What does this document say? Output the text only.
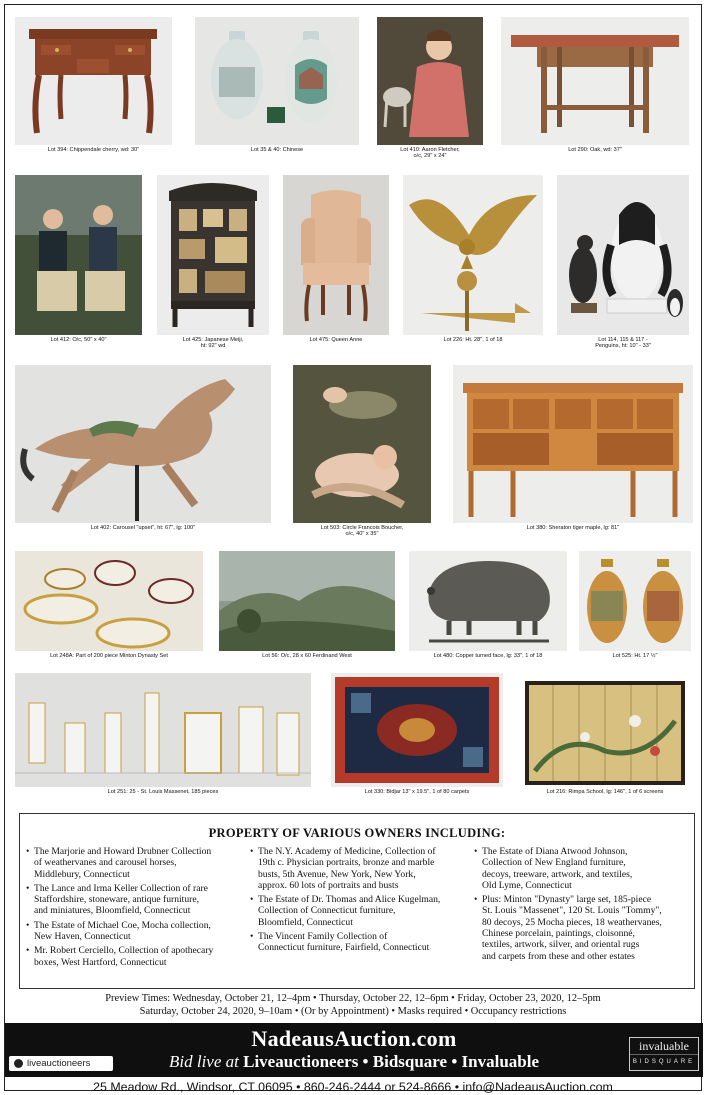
Lot 394: Chippendale cherry, wd: 30"	Lot 35 & 40: Chinese	Lot 410: Aaron Fletcher,
o/c, 29" x 24"
Lot 290: Oak, wd: 37"
Lot 412: O/c, 50" x 40"	Lot 425: Japanese Meiji,
ht: 92" wd
Lot 475: Queen Anne	Lot 226: Ht. 28", 1 of 18	Lot 114, 115 & 117 -
Penguins, ht: 10" - 33"
Lot 402: Carousel "upset", ht: 67", lg: 100"	Lot 503: Circle Francois Boucher,
o/c, 40" x 35"
Lot 380: Sheraton tiger maple, lg: 81"
Lot 248A: Part of 200 piece Minton Dynasty Set	Lot 56: O/c, 28 x 60 Ferdinand West	Lot 480: Copper turned face, lg: 33", 1 of 18	Lot 525: Ht. 17 ½"
Lot 251: 25 - St. Louis Massenet, 185 pieces	Lot 330: Bidjar 13" x 19.5", 1 of 80 carpets	Lot 216: Rimpa School, lg: 146", 1 of 6 screens
PROPERTY OF VARIOUS OWNERS INCLUDING:
• The Marjorie and Howard Drubner Collection
of weathervanes and carousel horses,
Middlebury, Connecticut
• The Lance and Irma Keller Collection of rare
Staffordshire, stoneware, antique furniture,
and miniatures, Bloomfield, Connecticut
• The Estate of Michael Coe, Mocha collection,
New Haven, Connecticut
• Mr. Robert Cerciello, Collection of apothecary
boxes, West Hartford, Connecticut
• The N.Y. Academy of Medicine, Collection of
19th c. Physician portraits, bronze and marble
busts, 5th Avenue, New York, New York,
approx. 60 lots of portraits and busts
• The Estate of Dr. Thomas and Alice Kugelman,
Collection of Connecticut furniture,
Bloomfield, Connecticut
• The Vincent Family Collection of
Connecticut furniture, Fairfield, Connecticut
• The Estate of Diana Atwood Johnson,
Collection of New England furniture,
decoys, treeware, artwork, and textiles,
Old Lyme, Connecticut
• Plus: Minton "Dynasty" large set, 185-piece
St. Louis "Massenet", 120 St. Louis "Tommy",
80 decoys, 25 Mocha pieces, 18 weathervanes,
Chinese porcelain, paintings, cloisonné,
textiles, artwork, silver, and oriental rugs
and carpets from these and other estates
Preview Times: Wednesday, October 21, 12–4pm • Thursday, October 22, 12–6pm • Friday, October 23, 2020, 12–5pm
Saturday, October 24, 2020, 9–10am • (Or by Appointment) • Masks required • Occupancy restrictions
NadeausAuction.com
Bid live at Liveauctioneers • Bidsquare • Invaluable
liveauctioneers
invaluable
BIDSQUARE
25 Meadow Rd., Windsor, CT 06095 • 860-246-2444 or 524-8666 • info@NadeausAuction.com
